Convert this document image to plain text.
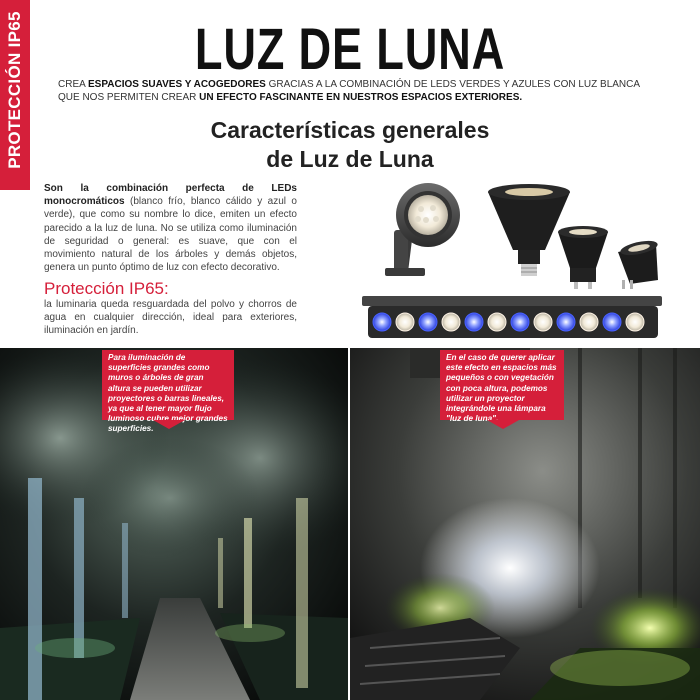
PROTECCIÓN IP65	LUZ DE LUNA
CREA ESPACIOS SUAVES Y ACOGEDORES GRACIAS A LA COMBINACIÓN DE LEDS VERDES Y AZULES CON LUZ BLANCA QUE NOS PERMITEN CREAR UN EFECTO FASCINANTE EN NUESTROS ESPACIOS EXTERIORES.
Características generales
de Luz de Luna
Son la combinación perfecta de LEDs monocromáticos (blanco frío, blanco cálido y azul o verde), que como su nombre lo dice, emiten un efecto parecido a la luz de luna. No se utiliza como iluminación de seguridad o general: es suave, que con el movimiento natural de los árboles y demás objetos, genera un punto óptimo de luz con efecto decorativo.
Protección IP65:
la luminaria queda resguardada del polvo y chorros de agua en cualquier dirección, ideal para exteriores, iluminación en jardín.
Para iluminación de superficies grandes como muros o árboles de gran altura se pueden utilizar proyectores o barras lineales, ya que al tener mayor flujo luminoso cubre mejor grandes superficies.
En el caso de querer aplicar este efecto en espacios más pequeños o con vegetación con poca altura, podemos utilizar un proyector integrándole una lámpara "luz de luna".
